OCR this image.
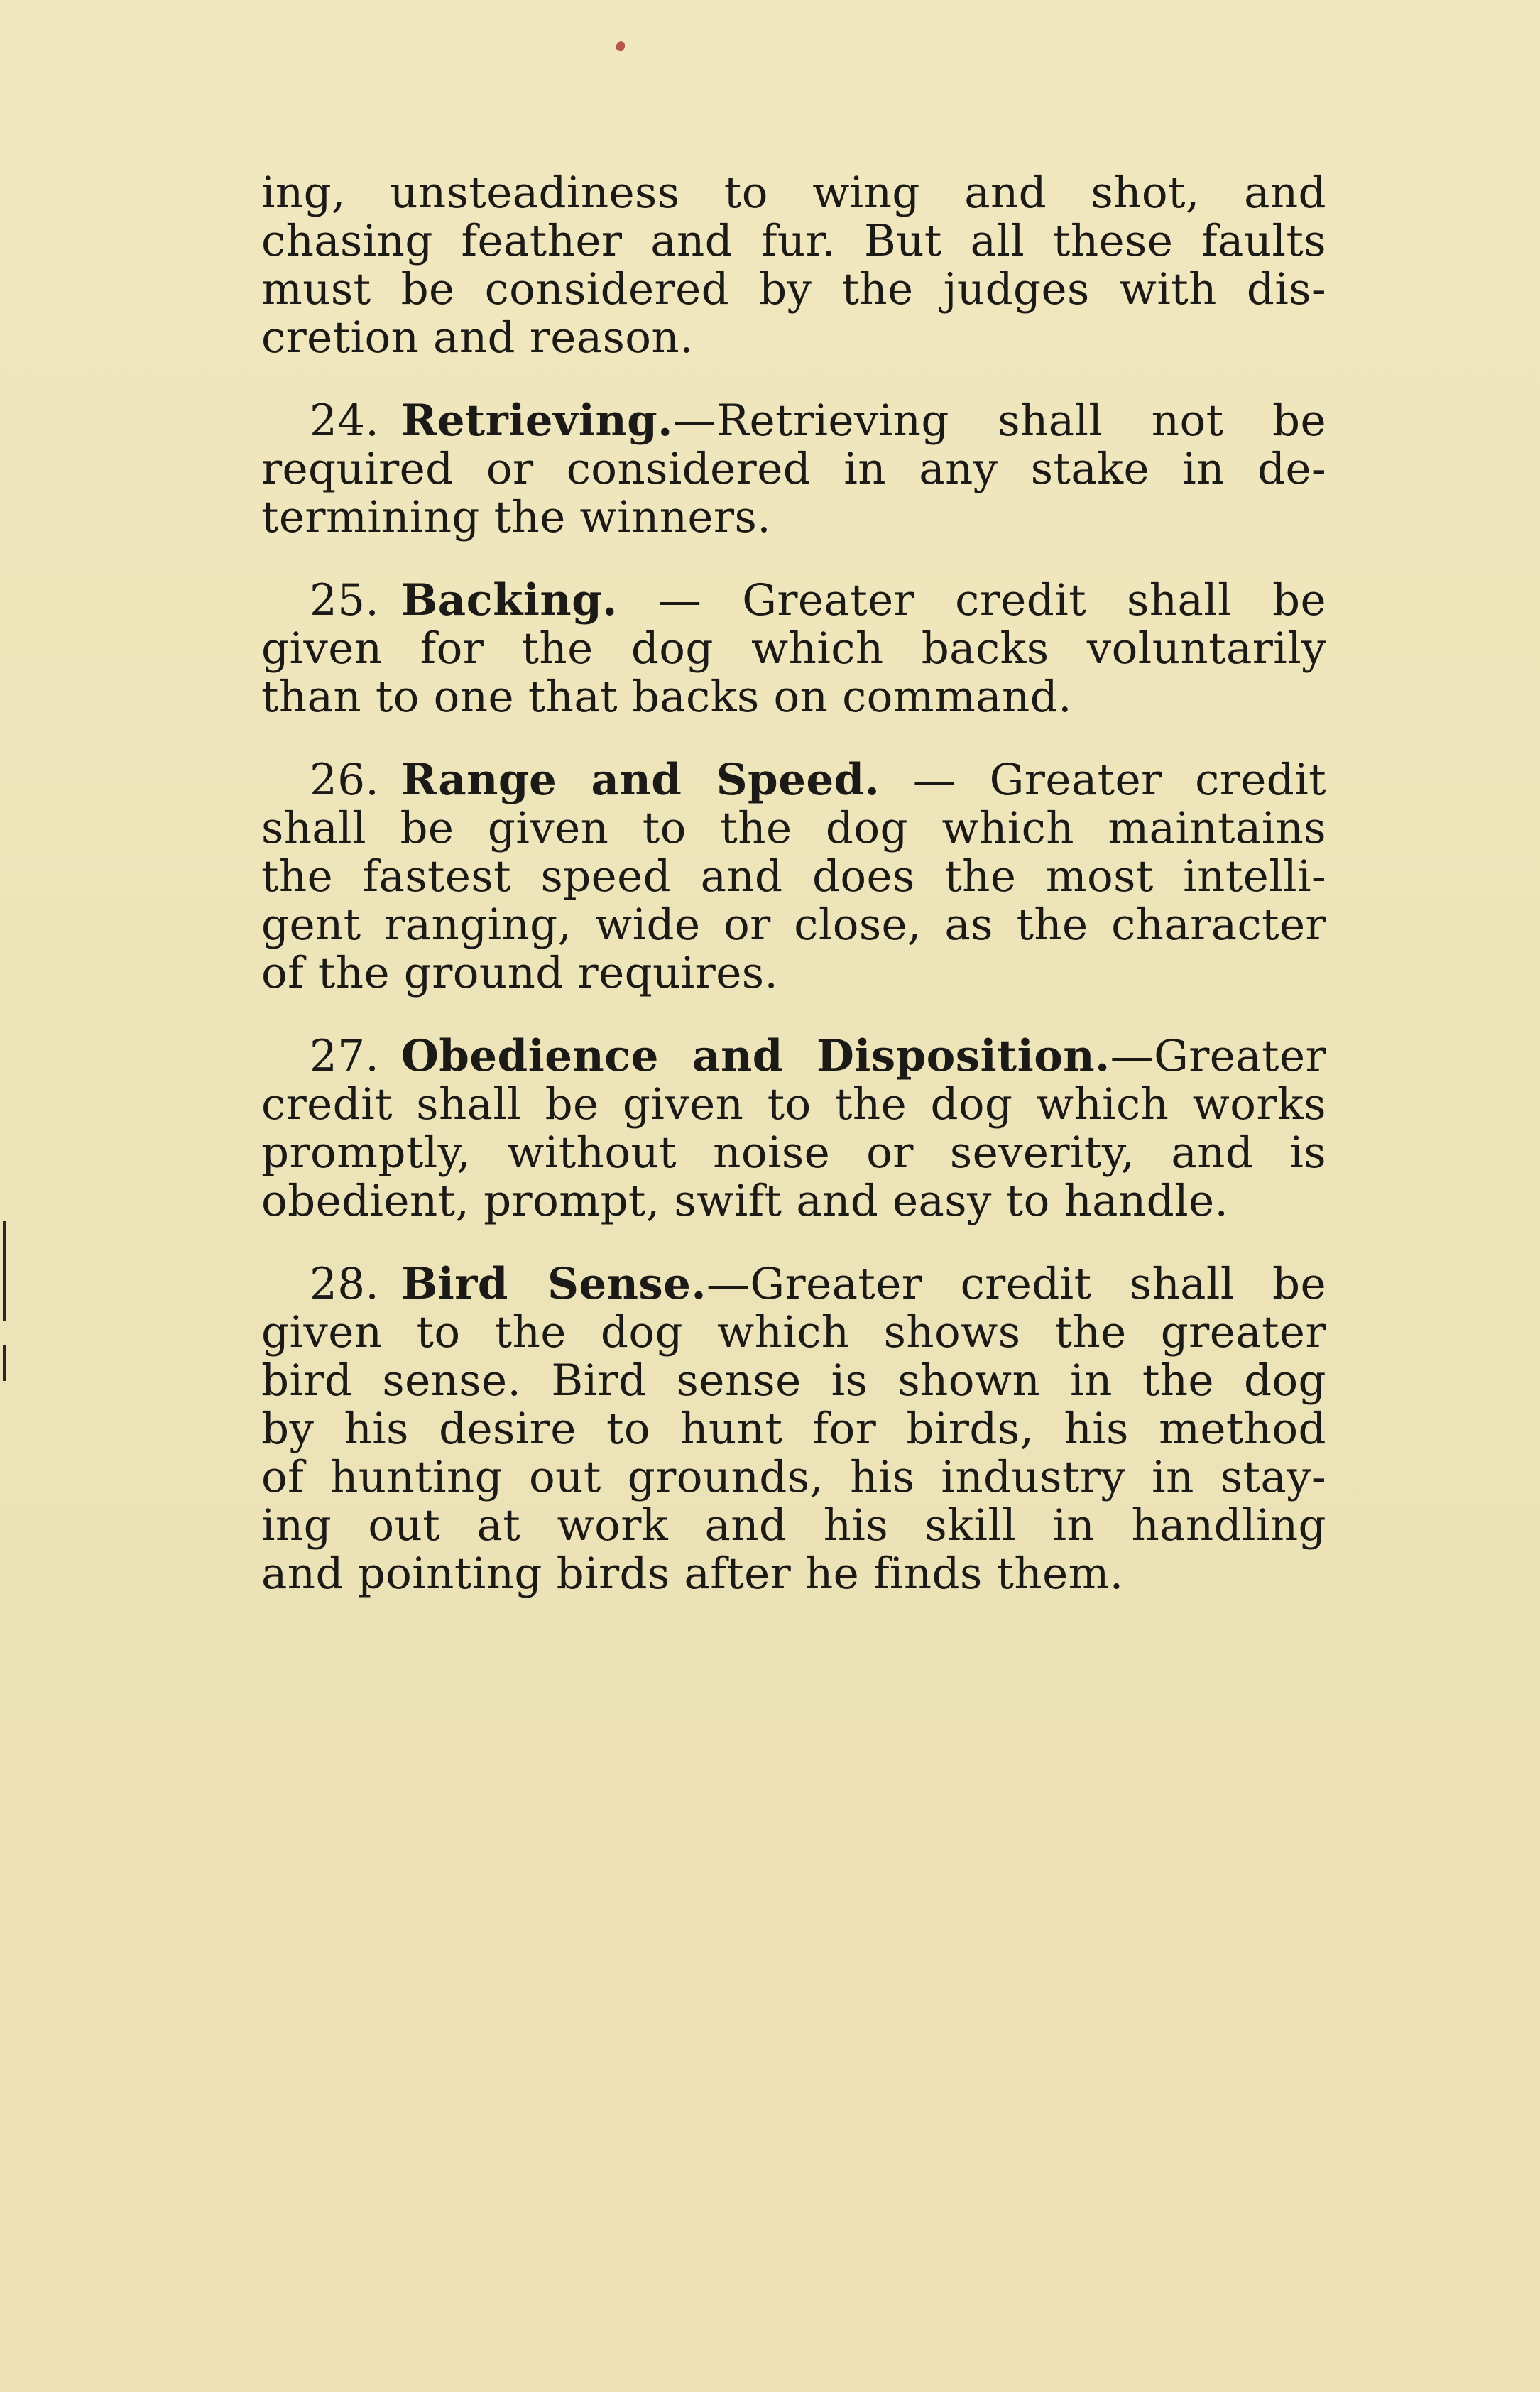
ing, unsteadiness to wing and shot, and
chasing feather and fur. But all these faults
must be considered by the judges with dis-
cretion and reason.

24. Retrieving.—Retrieving shall not be
required or considered in any stake in de-
termining the winners.

25. Backing. — Greater credit shall be
given for the dog which backs voluntarily
than to one that backs on command.

26. Range and Speed. — Greater credit
shall be given to the dog which maintains
the fastest speed and does the most intelli-
gent ranging, wide or close, as the character
of the ground requires.

27. Obedience and Disposition.—Greater
credit shall be given to the dog which works
promptly, without noise or severity, and is
obedient, prompt, swift and easy to handle.

28. Bird Sense.—Greater credit shall be
given to the dog which shows the greater
bird sense. Bird sense is shown in the dog
by his desire to hunt for birds, his method
of hunting out grounds, his industry in stay-
ing out at work and his skill in handling
and pointing birds after he finds them.
